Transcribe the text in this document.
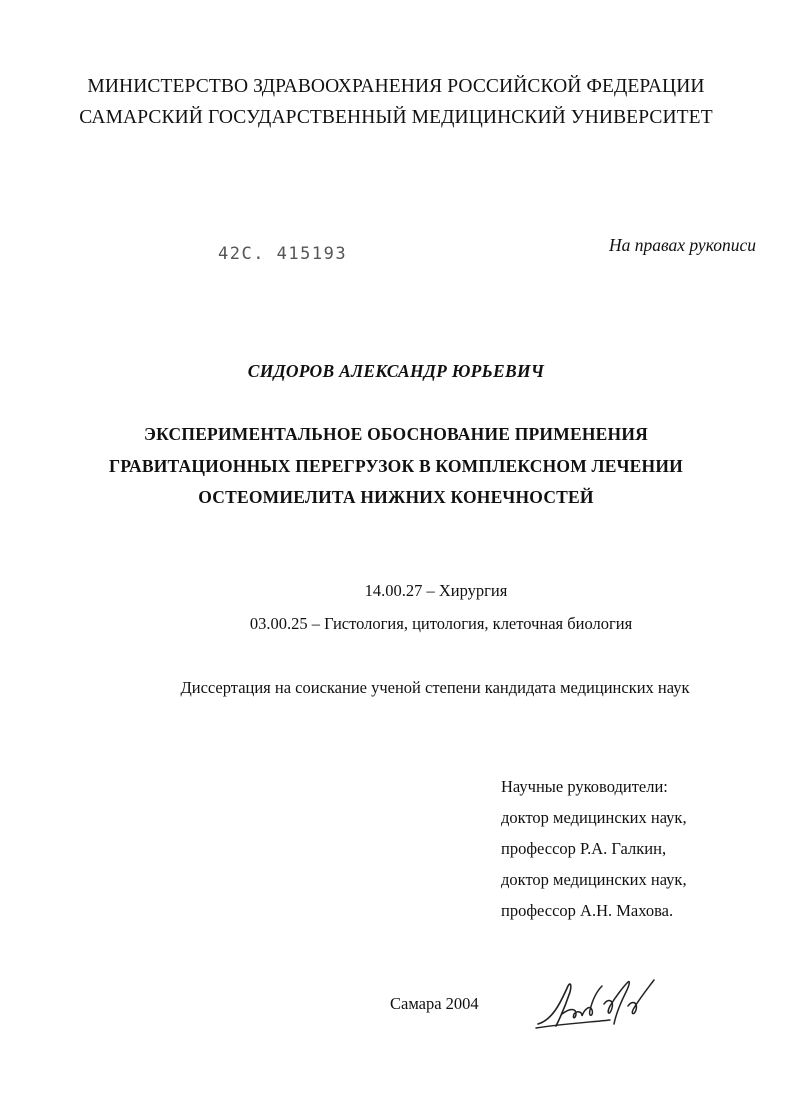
МИНИСТЕРСТВО ЗДРАВООХРАНЕНИЯ РОССИЙСКОЙ ФЕДЕРАЦИИ
САМАРСКИЙ ГОСУДАРСТВЕННЫЙ МЕДИЦИНСКИЙ УНИВЕРСИТЕТ
42С. 415193	На правах рукописи
СИДОРОВ АЛЕКСАНДР ЮРЬЕВИЧ
ЭКСПЕРИМЕНТАЛЬНОЕ ОБОСНОВАНИЕ ПРИМЕНЕНИЯ
ГРАВИТАЦИОННЫХ ПЕРЕГРУЗОК В КОМПЛЕКСНОМ ЛЕЧЕНИИ
ОСТЕОМИЕЛИТА НИЖНИХ КОНЕЧНОСТЕЙ
14.00.27 – Хирургия
03.00.25 – Гистология, цитология, клеточная биология
Диссертация на соискание ученой степени кандидата медицинских наук
Научные руководители:
доктор медицинских наук,
профессор Р.А. Галкин,
доктор медицинских наук,
профессор А.Н. Махова.
Самара 2004
